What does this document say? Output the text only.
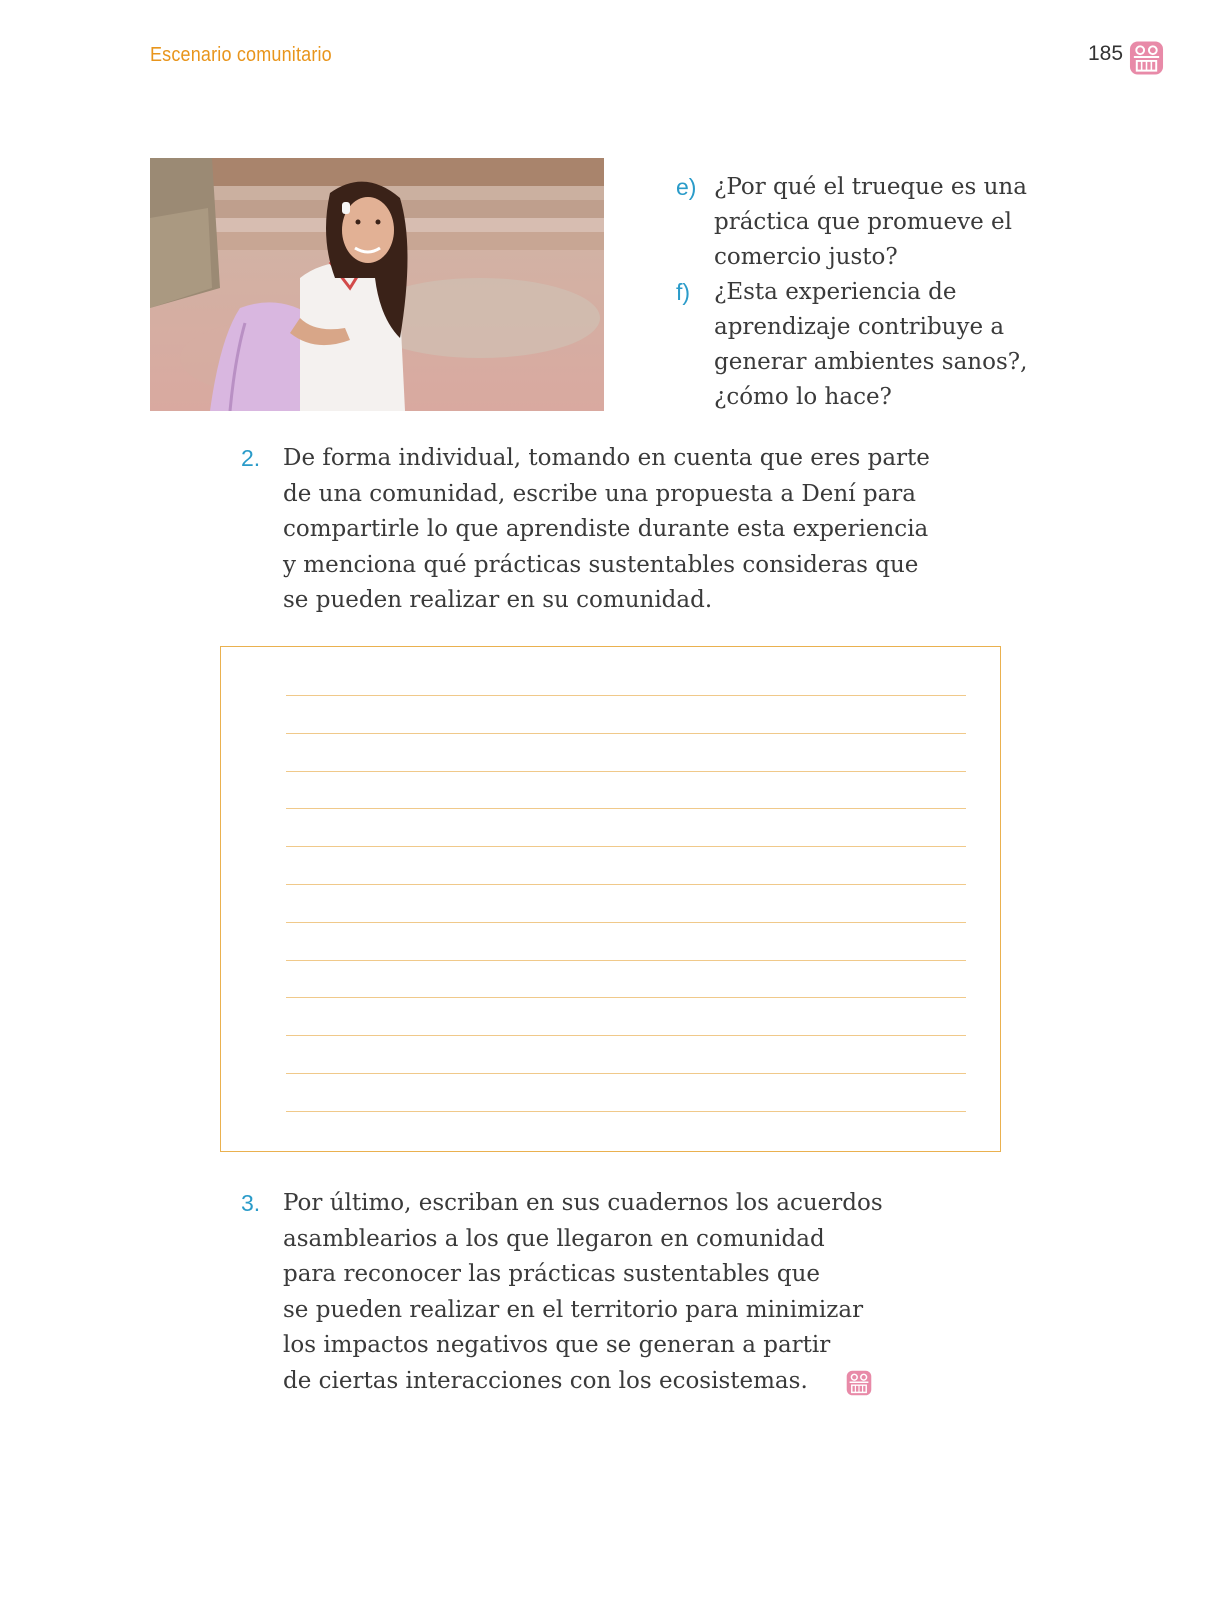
Escenario comunitario	185
e) ¿Por qué el trueque es una
práctica que promueve el
comercio justo?
f)	¿Esta experiencia de
aprendizaje contribuye a
generar ambientes sanos?,
¿cómo lo hace?
2. De forma individual, tomando en cuenta que eres parte
de una comunidad, escribe una propuesta a Dení para
compartirle lo que aprendiste durante esta experiencia
y menciona qué prácticas sustentables consideras que
se pueden realizar en su comunidad.
3. Por último, escriban en sus cuadernos los acuerdos
asamblearios a los que llegaron en comunidad
para reconocer las prácticas sustentables que
se pueden realizar en el territorio para minimizar
los impactos negativos que se generan a partir
de ciertas interacciones con los ecosistemas.
